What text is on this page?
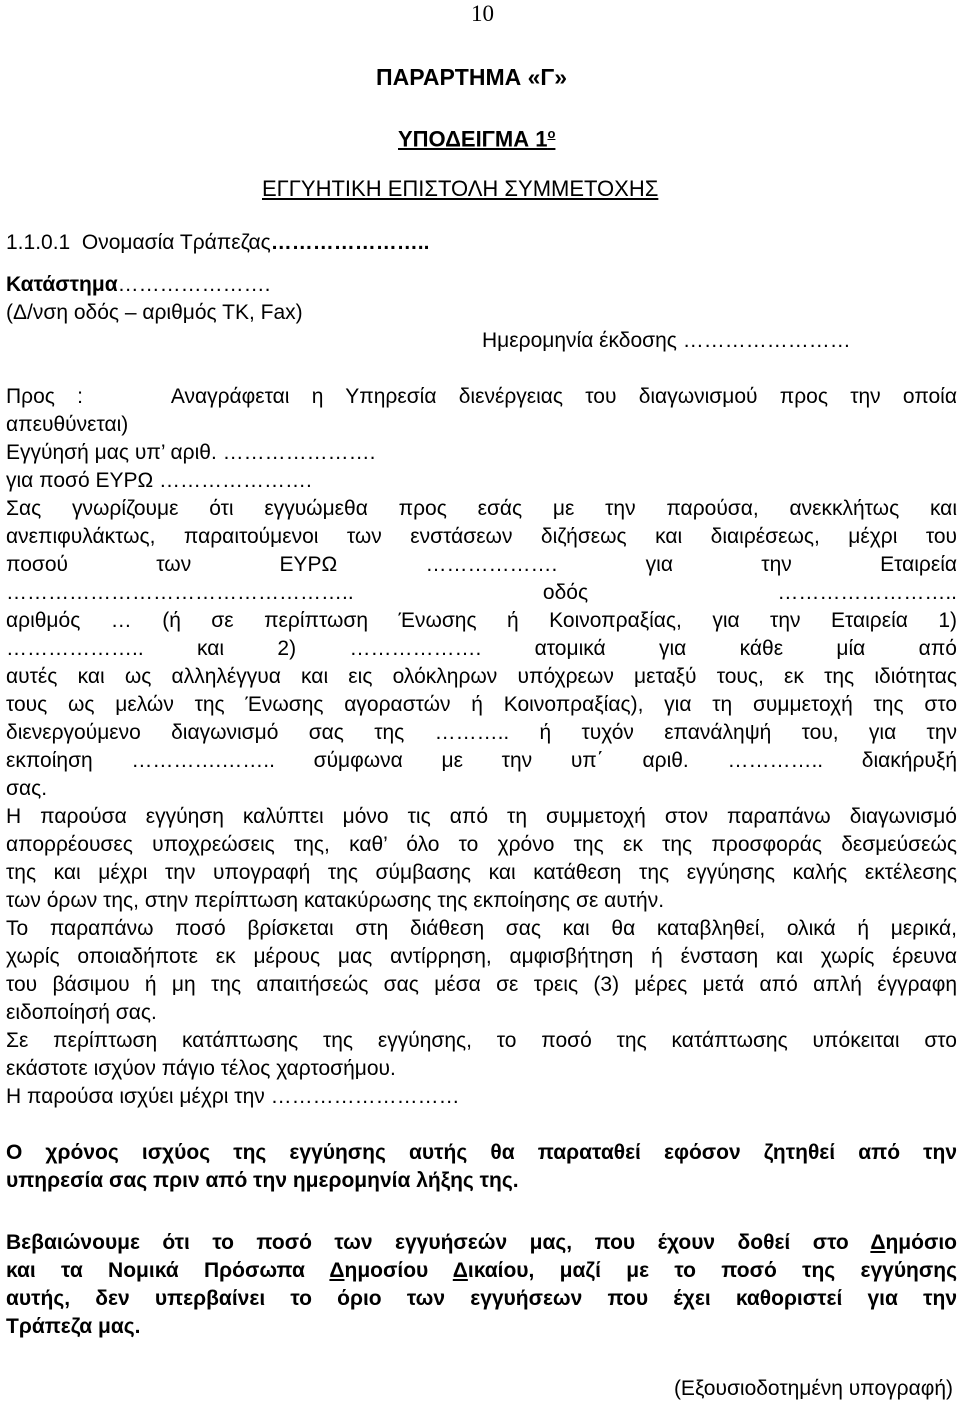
10
ΠΑΡΑΡΤΗΜΑ «Γ»
ΥΠΟΔΕΙΓΜΑ $1^o$
ΕΓΓΥΗΤΙΚΗ ΕΠΙΣΤΟΛΗ ΣΥΜΜΕΤΟΧΗΣ
1.1.0.1  Ονομασία Τράπεζας…………………..
Κατάστημα………………….
(Δ/νση οδός – αριθμός ΤΚ, Fax)
Ημερομηνία έκδοσης ……………………
Προς :    Αναγράφεται η Υπηρεσία διενέργειας του διαγωνισμού προς την οποία
απευθύνεται)
Εγγύησή μας υπ’ αριθ. ………………….
για ποσό ΕΥΡΩ ………………….
Σας γνωρίζουμε ότι εγγυώμεθα προς εσάς με την παρούσα, ανεκκλήτως και
ανεπιφυλάκτως, παραιτούμενοι των ενστάσεων διζήσεως και διαιρέσεως, μέχρι του
ποσού των ΕΥΡΩ ………………. για την Εταιρεία
………………………………………….. οδός ……………………..
αριθμός … (ή σε περίπτωση Ένωσης ή Κοινοπραξίας, για την Εταιρεία 1)
……………….. και 2) ………………. ατομικά για κάθε μία από
αυτές και ως αλληλέγγυα και εις ολόκληρων υπόχρεων μεταξύ τους, εκ της ιδιότητας
τους ως μελών της Ένωσης αγοραστών ή Κοινοπραξίας), για τη συμμετοχή της στο
διενεργούμενο διαγωνισμό σας της ……….. ή τυχόν επανάληψή του, για την
εκποίηση ………….…….. σύμφωνα με την υπ΄ αριθ. ………….. διακήρυξή
σας.
Η παρούσα εγγύηση καλύπτει μόνο τις από τη συμμετοχή στον παραπάνω διαγωνισμό
απορρέουσες υποχρεώσεις της, καθ’ όλο το χρόνο της εκ της προσφοράς δεσμεύσεώς
της και μέχρι την υπογραφή της σύμβασης και κατάθεση της εγγύησης καλής εκτέλεσης
των όρων της, στην περίπτωση κατακύρωσης της εκποίησης σε αυτήν.
Το παραπάνω ποσό βρίσκεται στη διάθεση σας και θα καταβληθεί, ολικά ή μερικά,
χωρίς οποιαδήποτε εκ μέρους μας αντίρρηση, αμφισβήτηση ή ένσταση και χωρίς έρευνα
του βάσιμου ή μη της απαιτήσεώς σας μέσα σε τρεις (3) μέρες μετά από απλή έγγραφη
ειδοποίησή σας.
Σε περίπτωση κατάπτωσης της εγγύησης, το ποσό της κατάπτωσης υπόκειται στο
εκάστοτε ισχύον πάγιο τέλος χαρτοσήμου.
Η παρούσα ισχύει μέχρι την ………………………
Ο χρόνος ισχύος της εγγύησης αυτής θα παραταθεί εφόσον ζητηθεί από την
υπηρεσία σας πριν από την ημερομηνία λήξης της.
Βεβαιώνουμε ότι το ποσό των εγγυήσεών μας, που έχουν δοθεί στο Δημόσιο
και τα Νομικά Πρόσωπα Δημοσίου Δικαίου, μαζί με το ποσό της εγγύησης
αυτής, δεν υπερβαίνει το όριο των εγγυήσεων που έχει καθοριστεί για την
Τράπεζα μας.
(Εξουσιοδοτημένη υπογραφή)
